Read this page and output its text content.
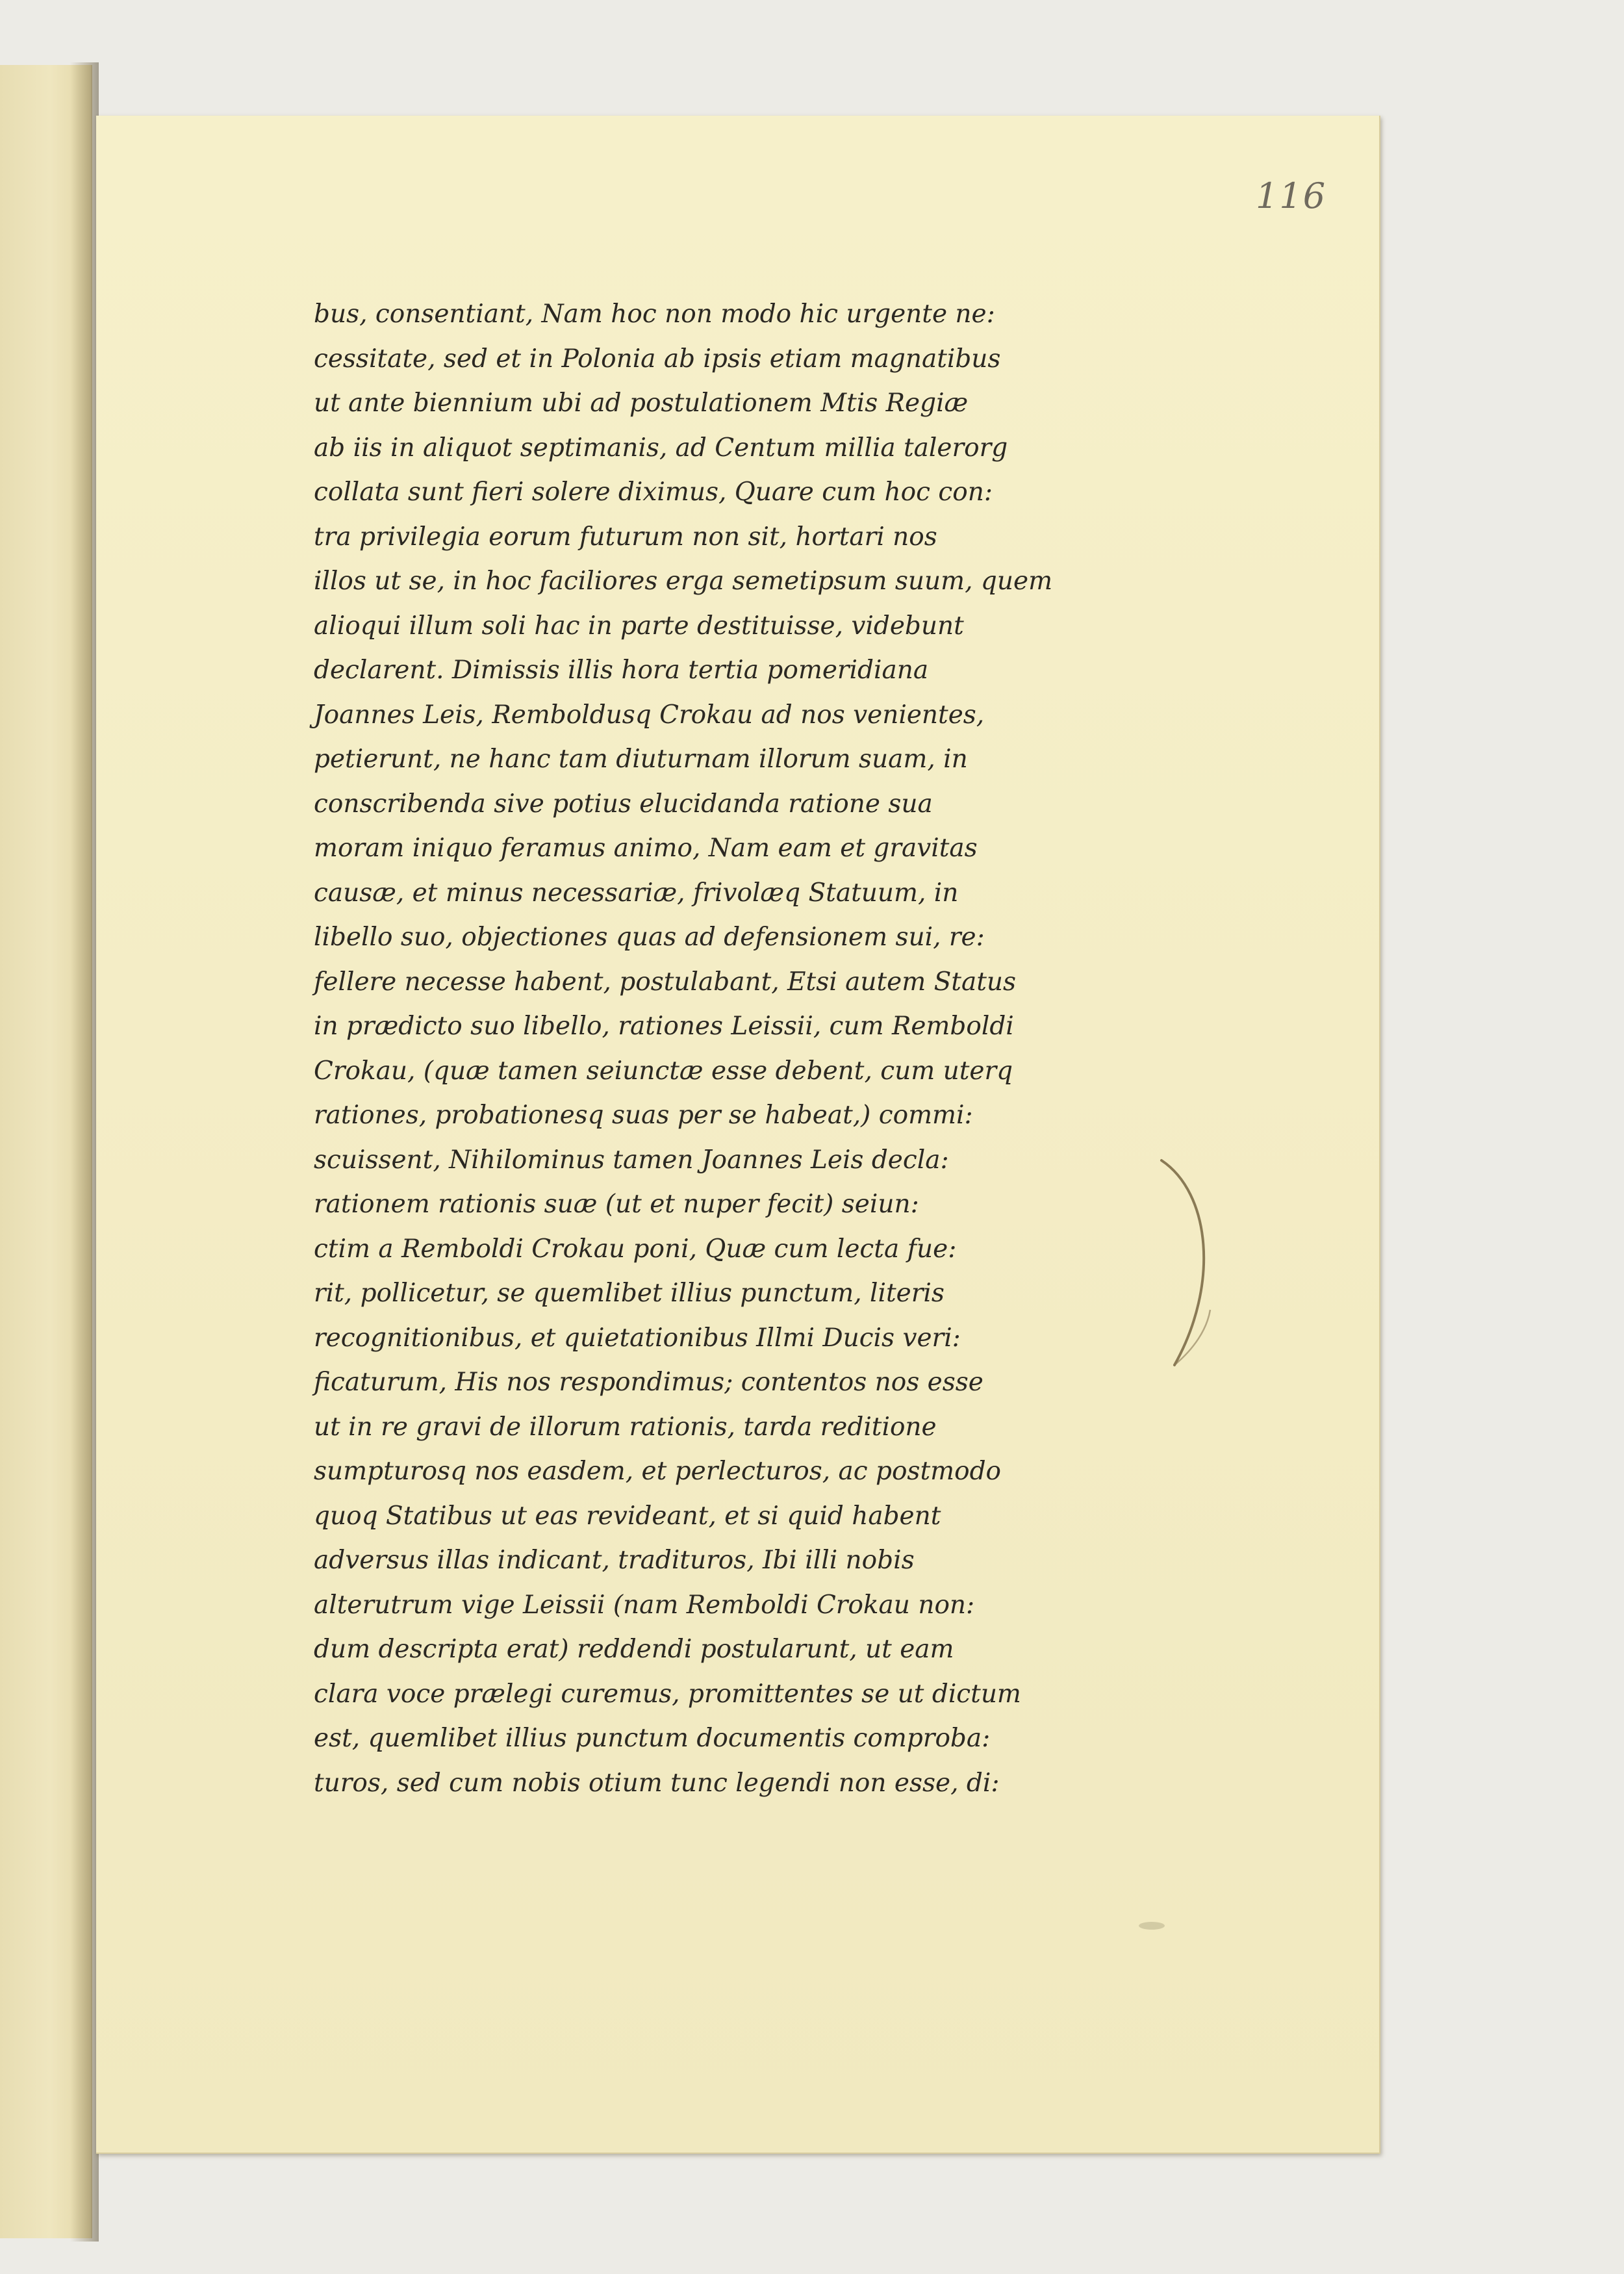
116
bus, consentiant, Nam hoc non modo hic urgente ne:
cessitate, sed et in Polonia ab ipsis etiam magnatibus
ut ante biennium ubi ad postulationem Mtis Regiæ
ab iis in aliquot septimanis, ad Centum millia talerorg
collata sunt fieri solere diximus, Quare cum hoc con:
tra privilegia eorum futurum non sit, hortari nos
illos ut se, in hoc faciliores erga semetipsum suum, quem
alioqui illum soli hac in parte destituisse, videbunt
declarent. Dimissis illis hora tertia pomeridiana
Joannes Leis, Remboldusq Crokau ad nos venientes,
petierunt, ne hanc tam diuturnam illorum suam, in
conscribenda sive potius elucidanda ratione sua
moram iniquo feramus animo, Nam eam et gravitas
causæ, et minus necessariæ, frivolæq Statuum, in
libello suo, objectiones quas ad defensionem sui, re:
fellere necesse habent, postulabant, Etsi autem Status
in prædicto suo libello, rationes Leissii, cum Remboldi
Crokau, (quæ tamen seiunctæ esse debent, cum uterq
rationes, probationesq suas per se habeat,) commi:
scuissent, Nihilominus tamen Joannes Leis decla:
rationem rationis suæ (ut et nuper fecit) seiun:
ctim a Remboldi Crokau poni, Quæ cum lecta fue:
rit, pollicetur, se quemlibet illius punctum, literis
recognitionibus, et quietationibus Illmi Ducis veri:
ficaturum, His nos respondimus; contentos nos esse
ut in re gravi de illorum rationis, tarda reditione
sumpturosq nos easdem, et perlecturos, ac postmodo
quoq Statibus ut eas revideant, et si quid habent
adversus illas indicant, tradituros, Ibi illi nobis
alterutrum vige Leissii (nam Remboldi Crokau non:
dum descripta erat) reddendi postularunt, ut eam
clara voce prælegi curemus, promittentes se ut dictum
est, quemlibet illius punctum documentis comproba:
turos, sed cum nobis otium tunc legendi non esse, di:
